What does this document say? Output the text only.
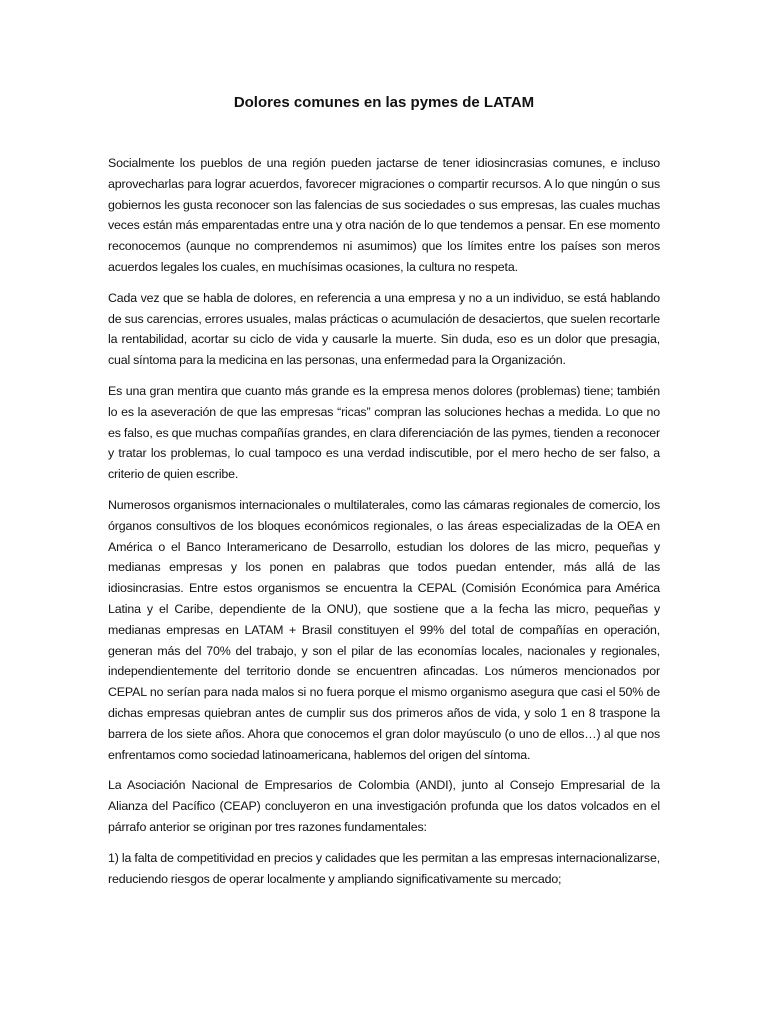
Dolores comunes en las pymes de LATAM

Socialmente los pueblos de una región pueden jactarse de tener idiosincrasias comunes, e incluso aprovecharlas para lograr acuerdos, favorecer migraciones o compartir recursos. A lo que ningún o sus gobiernos les gusta reconocer son las falencias de sus sociedades o sus empresas, las cuales muchas veces están más emparentadas entre una y otra nación de lo que tendemos a pensar. En ese momento reconocemos (aunque no comprendemos ni asumimos) que los límites entre los países son meros acuerdos legales los cuales, en muchísimas ocasiones, la cultura no respeta.

Cada vez que se habla de dolores, en referencia a una empresa y no a un individuo, se está hablando de sus carencias, errores usuales, malas prácticas o acumulación de desaciertos, que suelen recortarle la rentabilidad, acortar su ciclo de vida y causarle la muerte. Sin duda, eso es un dolor que presagia, cual síntoma para la medicina en las personas, una enfermedad para la Organización.

Es una gran mentira que cuanto más grande es la empresa menos dolores (problemas) tiene; también lo es la aseveración de que las empresas “ricas” compran las soluciones hechas a medida. Lo que no es falso, es que muchas compañías grandes, en clara diferenciación de las pymes, tienden a reconocer y tratar los problemas, lo cual tampoco es una verdad indiscutible, por el mero hecho de ser falso, a criterio de quien escribe.

Numerosos organismos internacionales o multilaterales, como las cámaras regionales de comercio, los órganos consultivos de los bloques económicos regionales, o las áreas especializadas de la OEA en América o el Banco Interamericano de Desarrollo, estudian los dolores de las micro, pequeñas y medianas empresas y los ponen en palabras que todos puedan entender, más allá de las idiosincrasias. Entre estos organismos se encuentra la CEPAL (Comisión Económica para América Latina y el Caribe, dependiente de la ONU), que sostiene que a la fecha las micro, pequeñas y medianas empresas en LATAM + Brasil constituyen el 99% del total de compañías en operación, generan más del 70% del trabajo, y son el pilar de las economías locales, nacionales y regionales, independientemente del territorio donde se encuentren afincadas. Los números mencionados por CEPAL no serían para nada malos si no fuera porque el mismo organismo asegura que casi el 50% de dichas empresas quiebran antes de cumplir sus dos primeros años de vida, y solo 1 en 8 traspone la barrera de los siete años. Ahora que conocemos el gran dolor mayúsculo (o uno de ellos…) al que nos enfrentamos como sociedad latinoamericana, hablemos del origen del síntoma.

La Asociación Nacional de Empresarios de Colombia (ANDI), junto al Consejo Empresarial de la Alianza del Pacífico (CEAP) concluyeron en una investigación profunda que los datos volcados en el párrafo anterior se originan por tres razones fundamentales:

1) la falta de competitividad en precios y calidades que les permitan a las empresas internacionalizarse, reduciendo riesgos de operar localmente y ampliando significativamente su mercado;
